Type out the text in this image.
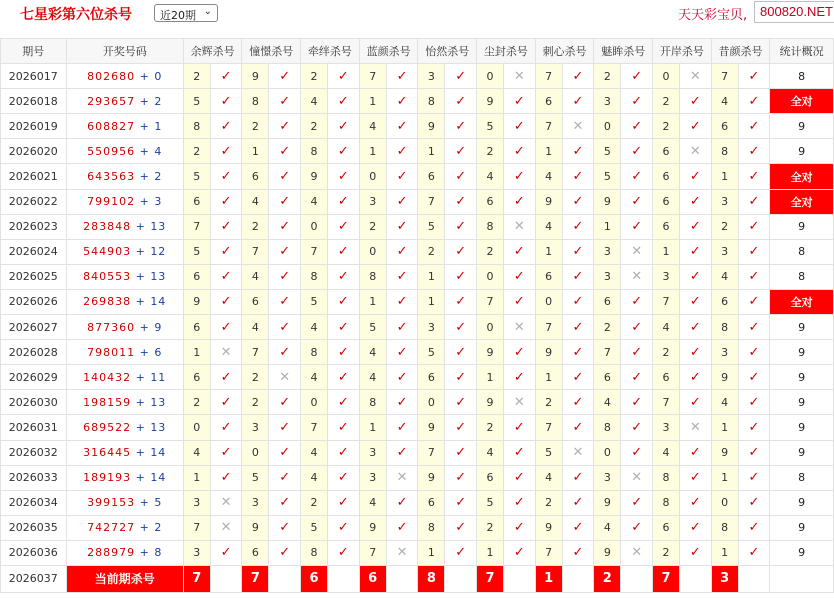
七星彩第六位杀号	近20期 ⌄	天天彩宝贝, 800820.NET
期号	开奖号码	余辉杀号		憧憬杀号		牵绊杀号		蓝颜杀号		怡然杀号		尘封杀号		刺心杀号		魅眸杀号		开岸杀号		昔颜杀号		统计概况
2026017	802680 + 0	2	✓	9	✓	2	✓	7	✓	3	✓	0	✕	7	✓	2	✓	0	✕	7	✓	8
2026018	293657 + 2	5	✓	8	✓	4	✓	1	✓	8	✓	9	✓	6	✓	3	✓	2	✓	4	✓	全对
2026019	608827 + 1	8	✓	2	✓	2	✓	4	✓	9	✓	5	✓	7	✕	0	✓	2	✓	6	✓	9
2026020	550956 + 4	2	✓	1	✓	8	✓	1	✓	1	✓	2	✓	1	✓	5	✓	6	✕	8	✓	9
2026021	643563 + 2	5	✓	6	✓	9	✓	0	✓	6	✓	4	✓	4	✓	5	✓	6	✓	1	✓	全对
2026022	799102 + 3	6	✓	4	✓	4	✓	3	✓	7	✓	6	✓	9	✓	9	✓	6	✓	3	✓	全对
2026023	283848 + 13	7	✓	2	✓	0	✓	2	✓	5	✓	8	✕	4	✓	1	✓	6	✓	2	✓	9
2026024	544903 + 12	5	✓	7	✓	7	✓	0	✓	2	✓	2	✓	1	✓	3	✕	1	✓	3	✓	8
2026025	840553 + 13	6	✓	4	✓	8	✓	8	✓	1	✓	0	✓	6	✓	3	✕	3	✓	4	✓	8
2026026	269838 + 14	9	✓	6	✓	5	✓	1	✓	1	✓	7	✓	0	✓	6	✓	7	✓	6	✓	全对
2026027	877360 + 9	6	✓	4	✓	4	✓	5	✓	3	✓	0	✕	7	✓	2	✓	4	✓	8	✓	9
2026028	798011 + 6	1	✕	7	✓	8	✓	4	✓	5	✓	9	✓	9	✓	7	✓	2	✓	3	✓	9
2026029	140432 + 11	6	✓	2	✕	4	✓	4	✓	6	✓	1	✓	1	✓	6	✓	6	✓	9	✓	9
2026030	198159 + 13	2	✓	2	✓	0	✓	8	✓	0	✓	9	✕	2	✓	4	✓	7	✓	4	✓	9
2026031	689522 + 13	0	✓	3	✓	7	✓	1	✓	9	✓	2	✓	7	✓	8	✓	3	✕	1	✓	9
2026032	316445 + 14	4	✓	0	✓	4	✓	3	✓	7	✓	4	✓	5	✕	0	✓	4	✓	9	✓	9
2026033	189193 + 14	1	✓	5	✓	4	✓	3	✕	9	✓	6	✓	4	✓	3	✕	8	✓	1	✓	8
2026034	399153 + 5	3	✕	3	✓	2	✓	4	✓	6	✓	5	✓	2	✓	9	✓	8	✓	0	✓	9
2026035	742727 + 2	7	✕	9	✓	5	✓	9	✓	8	✓	2	✓	9	✓	4	✓	6	✓	8	✓	9
2026036	288979 + 8	3	✓	6	✓	8	✓	7	✕	1	✓	1	✓	7	✓	9	✕	2	✓	1	✓	9
2026037	当前期杀号	7		7		6		6		8		7		1		2		7		3		
